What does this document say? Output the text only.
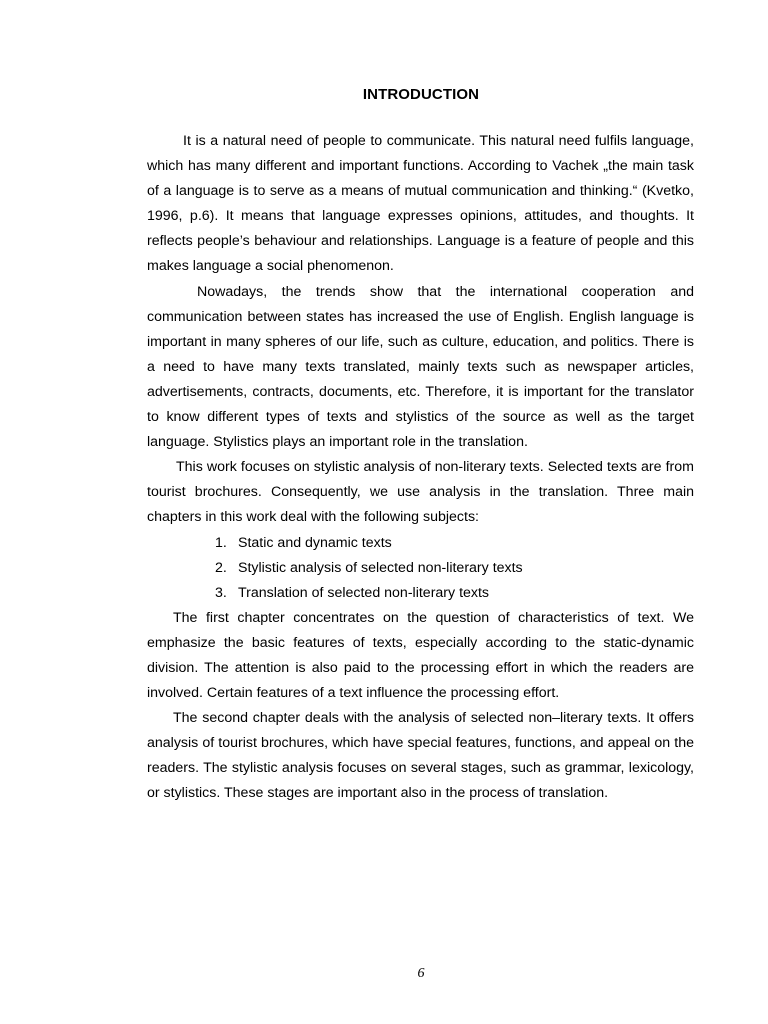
INTRODUCTION

It is a natural need of people to communicate. This natural need fulfils language, which has many different and important functions. According to Vachek „the main task of a language is to serve as a means of mutual communication and thinking.“ (Kvetko, 1996, p.6). It means that language expresses opinions, attitudes, and thoughts. It reflects people’s behaviour and relationships. Language is a feature of people and this makes language a social phenomenon.

Nowadays, the trends show that the international cooperation and communication between states has increased the use of English. English language is important in many spheres of our life, such as culture, education, and politics. There is a need to have many texts translated, mainly texts such as newspaper articles, advertisements, contracts, documents, etc. Therefore, it is important for the translator to know different types of texts and stylistics of the source as well as the target language. Stylistics plays an important role in the translation.

This work focuses on stylistic analysis of non-literary texts. Selected texts are from tourist brochures. Consequently, we use analysis in the translation. Three main chapters in this work deal with the following subjects:

1. Static and dynamic texts
2. Stylistic analysis of selected non-literary texts
3. Translation of selected non-literary texts

The first chapter concentrates on the question of characteristics of text. We emphasize the basic features of texts, especially according to the static-dynamic division. The attention is also paid to the processing effort in which the readers are involved. Certain features of a text influence the processing effort.

The second chapter deals with the analysis of selected non–literary texts. It offers analysis of tourist brochures, which have special features, functions, and appeal on the readers. The stylistic analysis focuses on several stages, such as grammar, lexicology, or stylistics. These stages are important also in the process of translation.

6
